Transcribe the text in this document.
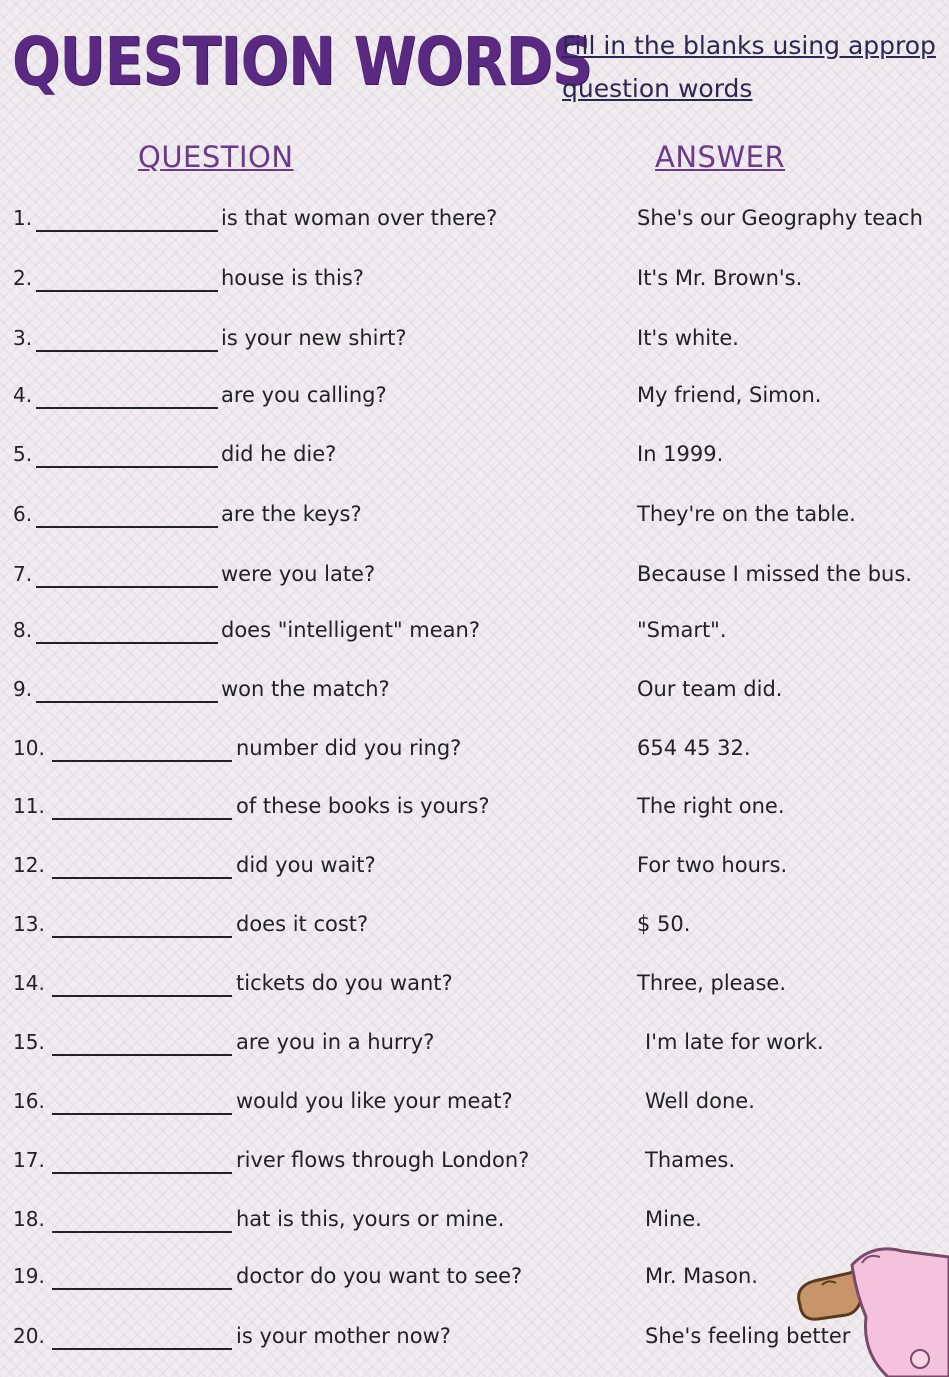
QUESTION WORDS
Fill in the blanks using approp
question words
QUESTION	ANSWER
1.	is that woman over there?	She's our Geography teach
2.	house is this?	It's Mr. Brown's.
3.	is your new shirt?	It's white.
4.	are you calling?	My friend, Simon.
5.	did he die?	In 1999.
6.	are the keys?	They're on the table.
7.	were you late?	Because I missed the bus.
8.	does "intelligent" mean?	"Smart".
9.	won the match?	Our team did.
10.	number did you ring?	654 45 32.
11.	of these books is yours?	The right one.
12.	did you wait?	For two hours.
13.	does it cost?	$ 50.
14.	tickets do you want?	Three, please.
15.	are you in a hurry?	I'm late for work.
16.	would you like your meat?	Well done.
17.	river flows through London?	Thames.
18.	hat is this, yours or mine.	Mine.
19.	doctor do you want to see?	Mr. Mason.
20.	is your mother now?	She's feeling better
